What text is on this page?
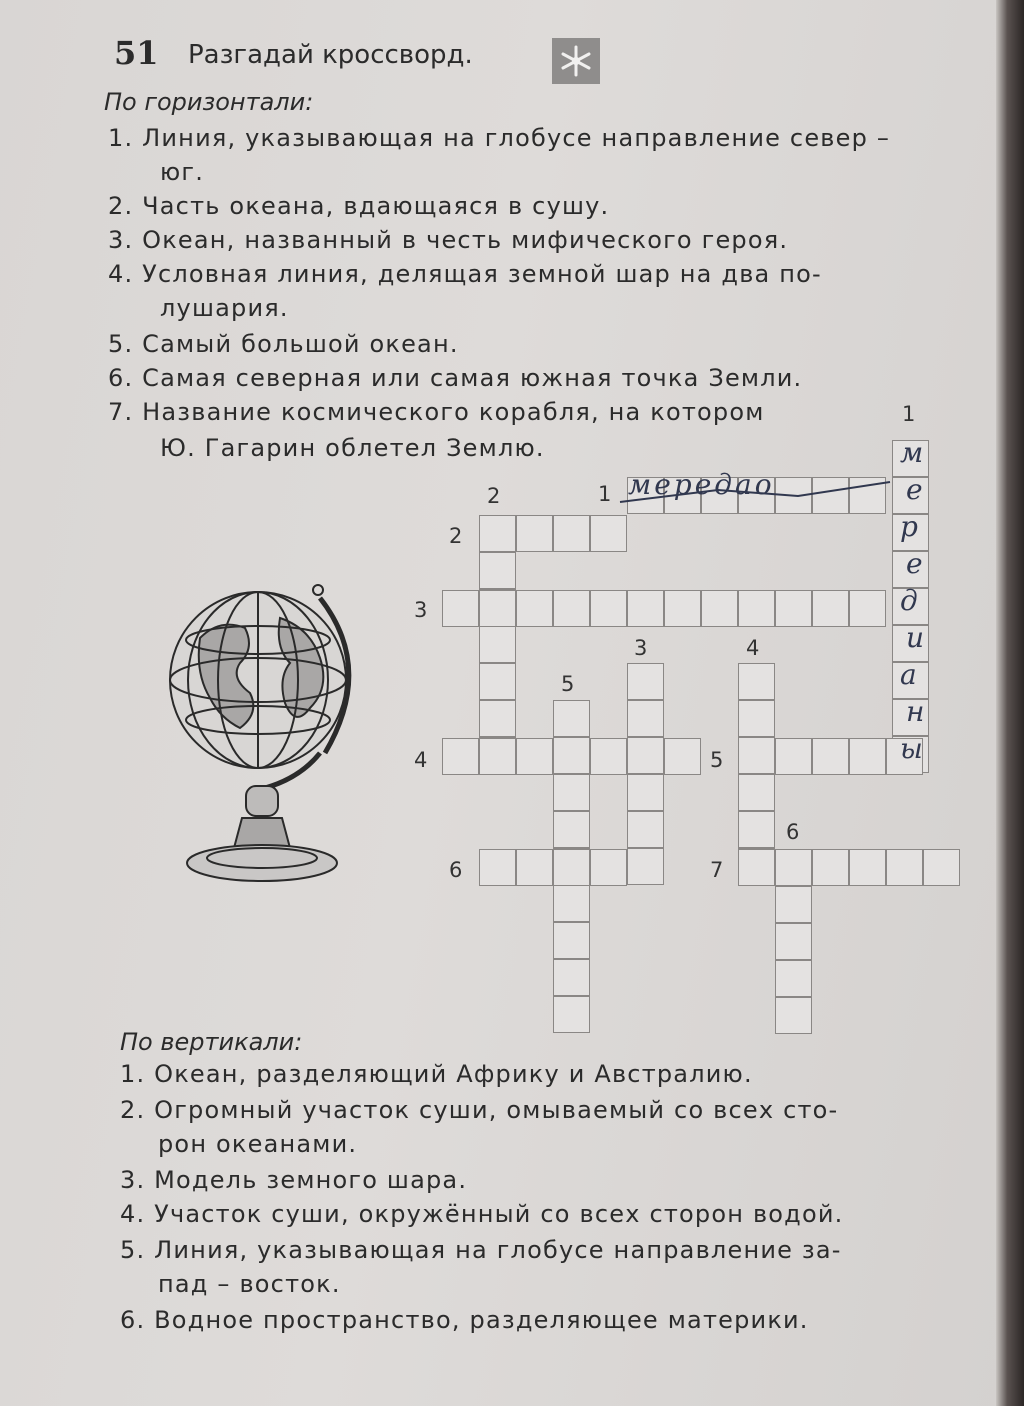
51 Разгадай кроссворд.
По горизонтали:
1. Линия, указывающая на глобусе направление север –
юг.
2. Часть океана, вдающаяся в сушу.
3. Океан, названный в честь мифического героя.
4. Условная линия, делящая земной шар на два по-
лушария.
5. Самый большой океан.
6. Самая северная или самая южная точка Земли.
7. Название космического корабля, на котором
Ю. Гагарин облетел Землю.
1
1
2
2
3
3	4
5
4	5
6
6	7
мередао
м
е
р
е
д
и
а
н
ы
По вертикали:
1. Океан, разделяющий Африку и Австралию.
2. Огромный участок суши, омываемый со всех сто-
рон океанами.
3. Модель земного шара.
4. Участок суши, окружённый со всех сторон водой.
5. Линия, указывающая на глобусе направление за-
пад – восток.
6. Водное пространство, разделяющее материки.
